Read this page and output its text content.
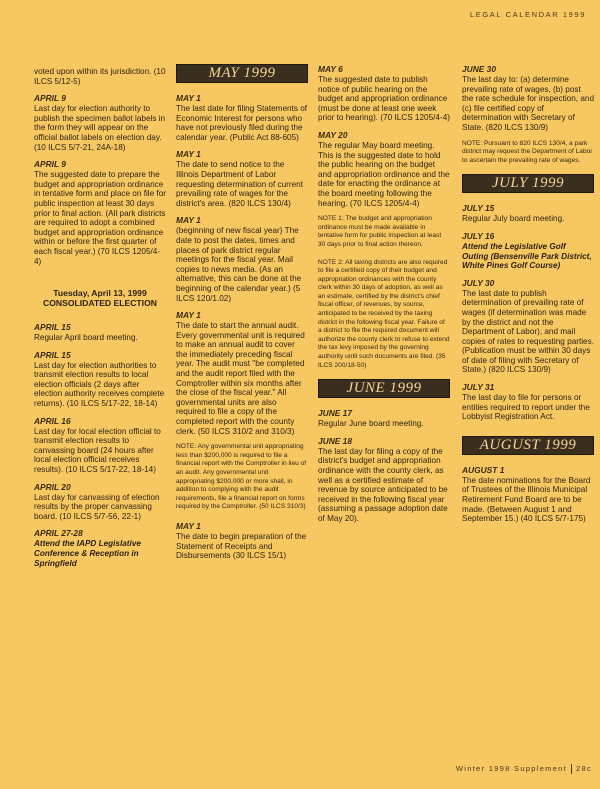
LEGAL CALENDAR 1999

voted upon within its jurisdiction. (10 ILCS 5/12-5)

APRIL 9

Last day for election authority to publish the specimen ballot labels in the form they will appear on the official ballot labels on election day. (10 ILCS 5/7-21, 24A-18)

APRIL 9

The suggested date to prepare the budget and appropriation ordinance in tentative form and place on file for public inspection at least 30 days prior to final action. (All park districts are required to adopt a combined budget and appropriation ordinance within or before the first quarter of each fiscal year.) (70 ILCS 1205/4-4)

Tuesday, April 13, 1999
CONSOLIDATED ELECTION

APRIL 15

Regular April board meeting.

APRIL 15

Last day for election authorities to transmit election results to local election officials (2 days after election authority receives complete returns). (10 ILCS 5/17-22, 18-14)

APRIL 16

Last day for local election official to transmit election results to canvassing board (24 hours after local election official receives results). (10 ILCS 5/17-22, 18-14)

APRIL 20

Last day for canvassing of election results by the proper canvassing board. (10 ILCS 5/7-56, 22-1)

APRIL 27-28

Attend the IAPD Legislative Conference & Reception in Springfield

MAY 1999

MAY 1

The last date for filing Statements of Economic Interest for persons who have not previously filed during the calendar year. (Public Act 88-605)

MAY 1

The date to send notice to the Illinois Department of Labor requesting determination of current prevailing rate of wages for the district's area. (820 ILCS 130/4)

MAY 1

(beginning of new fiscal year) The date to post the dates, times and places of park district regular meetings for the fiscal year. Mail copies to news media. (As an alternative, this can be done at the beginning of the calendar year.) (5 ILCS 120/1.02)

MAY 1

The date to start the annual audit. Every governmental unit is required to make an annual audit to cover the immediately preceding fiscal year. The audit must "be completed and the audit report filed with the Comptroller within six months after the close of the fiscal year." All governmental units are also required to file a copy of the completed report with the county clerk. (50 ILCS 310/2 and 310/3)

NOTE: Any governmental unit appropriating less than $200,000 is required to file a financial report with the Comptroller in lieu of an audit. Any governmental unit appropriating $200,000 or more shall, in addition to complying with the audit requirements, file a financial report on forms required by the Comptroller. (50 ILCS 310/3)

MAY 1

The date to begin preparation of the Statement of Receipts and Disbursements (30 ILCS 15/1)

MAY 6

The suggested date to publish notice of public hearing on the budget and appropriation ordinance (must be done at least one week prior to hearing). (70 ILCS 1205/4-4)

MAY 20

The regular May board meeting. This is the suggested date to hold the public hearing on the budget and appropriation ordinance and the date for enacting the ordinance at the board meeting following the hearing. (70 ILCS 1205/4-4)

NOTE 1: The budget and appropriation ordinance must be made available in tentative form for public inspection at least 30 days prior to final action thereon.

NOTE 2: All taxing districts are also required to file a certified copy of their budget and appropriation ordinances with the county clerk within 30 days of adoption, as well as an estimate, certified by the district's chief fiscal officer, of revenues, by source, anticipated to be received by the taxing district in the following fiscal year. Failure of a district to file the required document will authorize the county clerk to refuse to extend the tax levy imposed by the governing authority until such documents are filed. (35 ILCS 200/18-50)

JUNE 1999

JUNE 17

Regular June board meeting.

JUNE 18

The last day for filing a copy of the district's budget and appropriation ordinance with the county clerk, as well as a certified estimate of revenue by source anticipated to be received in the following fiscal year (assuming a passage adoption date of May 20).

JUNE 30

The last day to: (a) determine prevailing rate of wages, (b) post the rate schedule for inspection, and (c) file certified copy of determination with Secretary of State. (820 ILCS 130/9)

NOTE: Pursuant to 820 ILCS 130/4, a park district may request the Department of Labor to ascertain the prevailing rate of wages.

JULY 1999

JULY 15

Regular July board meeting.

JULY 16

Attend the Legislative Golf Outing (Bensenville Park District, White Pines Golf Course)

JULY 30

The last date to publish determination of prevailing rate of wages (if determination was made by the district and not the Department of Labor), and mail copies of rates to requesting parties. (Publication must be within 30 days of date of filing with Secretary of State.) (820 ILCS 130/9)

JULY 31

The last day to file for persons or entities required to report under the Lobbyist Registration Act.

AUGUST 1999

AUGUST 1

The date nominations for the Board of Trustees of the Illinois Municipal Retirement Fund Board are to be made. (Between August 1 and September 15.) (40 ILCS 5/7-175)

Winter 1998 Supplement 28c
